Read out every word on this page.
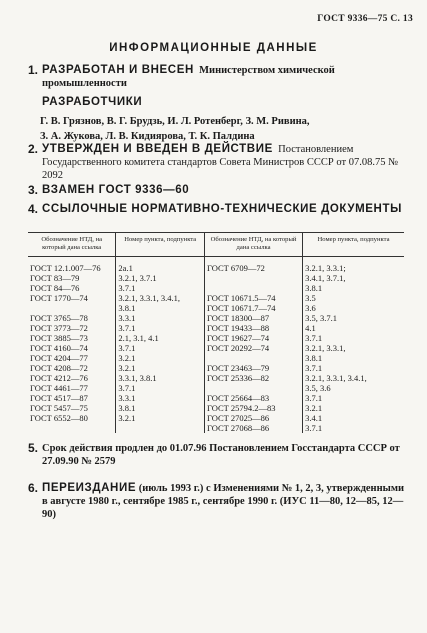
ГОСТ 9336—75 С. 13
ИНФОРМАЦИОННЫЕ ДАННЫЕ
1. РАЗРАБОТАН И ВНЕСЕН Министерством химической промышленности
РАЗРАБОТЧИКИ
Г. В. Грязнов, В. Г. Брудзь, И. Л. Ротенберг, З. М. Ривина,
З. А. Жукова, Л. В. Кидиярова, Т. К. Палдина
2. УТВЕРЖДЕН И ВВЕДЕН В ДЕЙСТВИЕ Постановлением Государственного комитета стандартов Совета Министров СССР от 07.08.75 № 2092
3. ВЗАМЕН ГОСТ 9336—60
4. ССЫЛОЧНЫЕ НОРМАТИВНО-ТЕХНИЧЕСКИЕ ДОКУМЕНТЫ
Обозначение НТД, на который дана ссылка	Номер пункта, подпункта	Обозначение НТД, на который дана ссылка	Номер пункта, подпункта
ГОСТ 12.1.007—76	2а.1	ГОСТ 6709—72	3.2.1, 3.3.1;
ГОСТ 83—79	3.2.1, 3.7.1		3.4.1, 3.7.1,
ГОСТ 84—76	3.7.1		3.8.1
ГОСТ 1770—74	3.2.1, 3.3.1, 3.4.1,	ГОСТ 10671.5—74	3.5
	3.8.1	ГОСТ 10671.7—74	3.6
ГОСТ 3765—78	3.3.1	ГОСТ 18300—87	3.5, 3.7.1
ГОСТ 3773—72	3.7.1	ГОСТ 19433—88	4.1
ГОСТ 3885—73	2.1, 3.1, 4.1	ГОСТ 19627—74	3.7.1
ГОСТ 4160—74	3.7.1	ГОСТ 20292—74	3.2.1, 3.3.1,
ГОСТ 4204—77	3.2.1		3.8.1
ГОСТ 4208—72	3.2.1	ГОСТ 23463—79	3.7.1
ГОСТ 4212—76	3.3.1, 3.8.1	ГОСТ 25336—82	3.2.1, 3.3.1, 3.4.1,
ГОСТ 4461—77	3.7.1		3.5, 3.6
ГОСТ 4517—87	3.3.1	ГОСТ 25664—83	3.7.1
ГОСТ 5457—75	3.8.1	ГОСТ 25794.2—83	3.2.1
ГОСТ 6552—80	3.2.1	ГОСТ 27025—86	3.4.1
		ГОСТ 27068—86	3.7.1
5. Срок действия продлен до 01.07.96 Постановлением Госстандарта СССР от 27.09.90 № 2579
6. ПЕРЕИЗДАНИЕ (июль 1993 г.) с Изменениями № 1, 2, 3, утвержденными в августе 1980 г., сентябре 1985 г., сентябре 1990 г. (ИУС 11—80, 12—85, 12—90)
